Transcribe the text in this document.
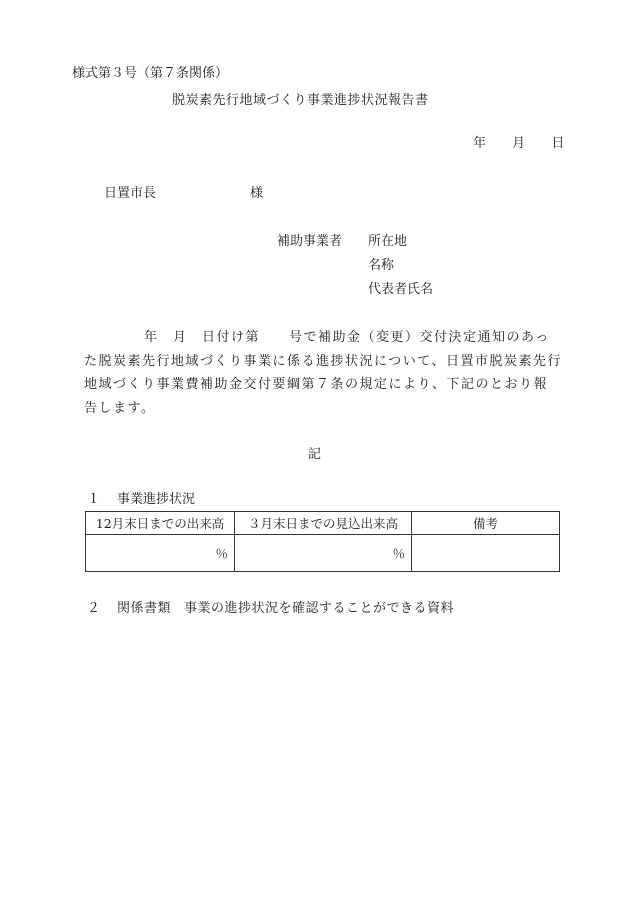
様式第３号（第７条関係）
脱炭素先行地域づくり事業進捗状況報告書
年 月 日
日置市長	様
補助事業者 所在地
名称
代表者氏名
年　月　日付け第　　号で補助金（変更）交付決定通知のあった脱炭素先行地域づくり事業に係る進捗状況について、日置市脱炭素先行地域づくり事業費補助金交付要綱第７条の規定により、下記のとおり報告します。
記
１ 事業進捗状況
12月末日までの出来高	３月末日までの見込出来高	備考
％	％	
２ 関係書類 事業の進捗状況を確認することができる資料
